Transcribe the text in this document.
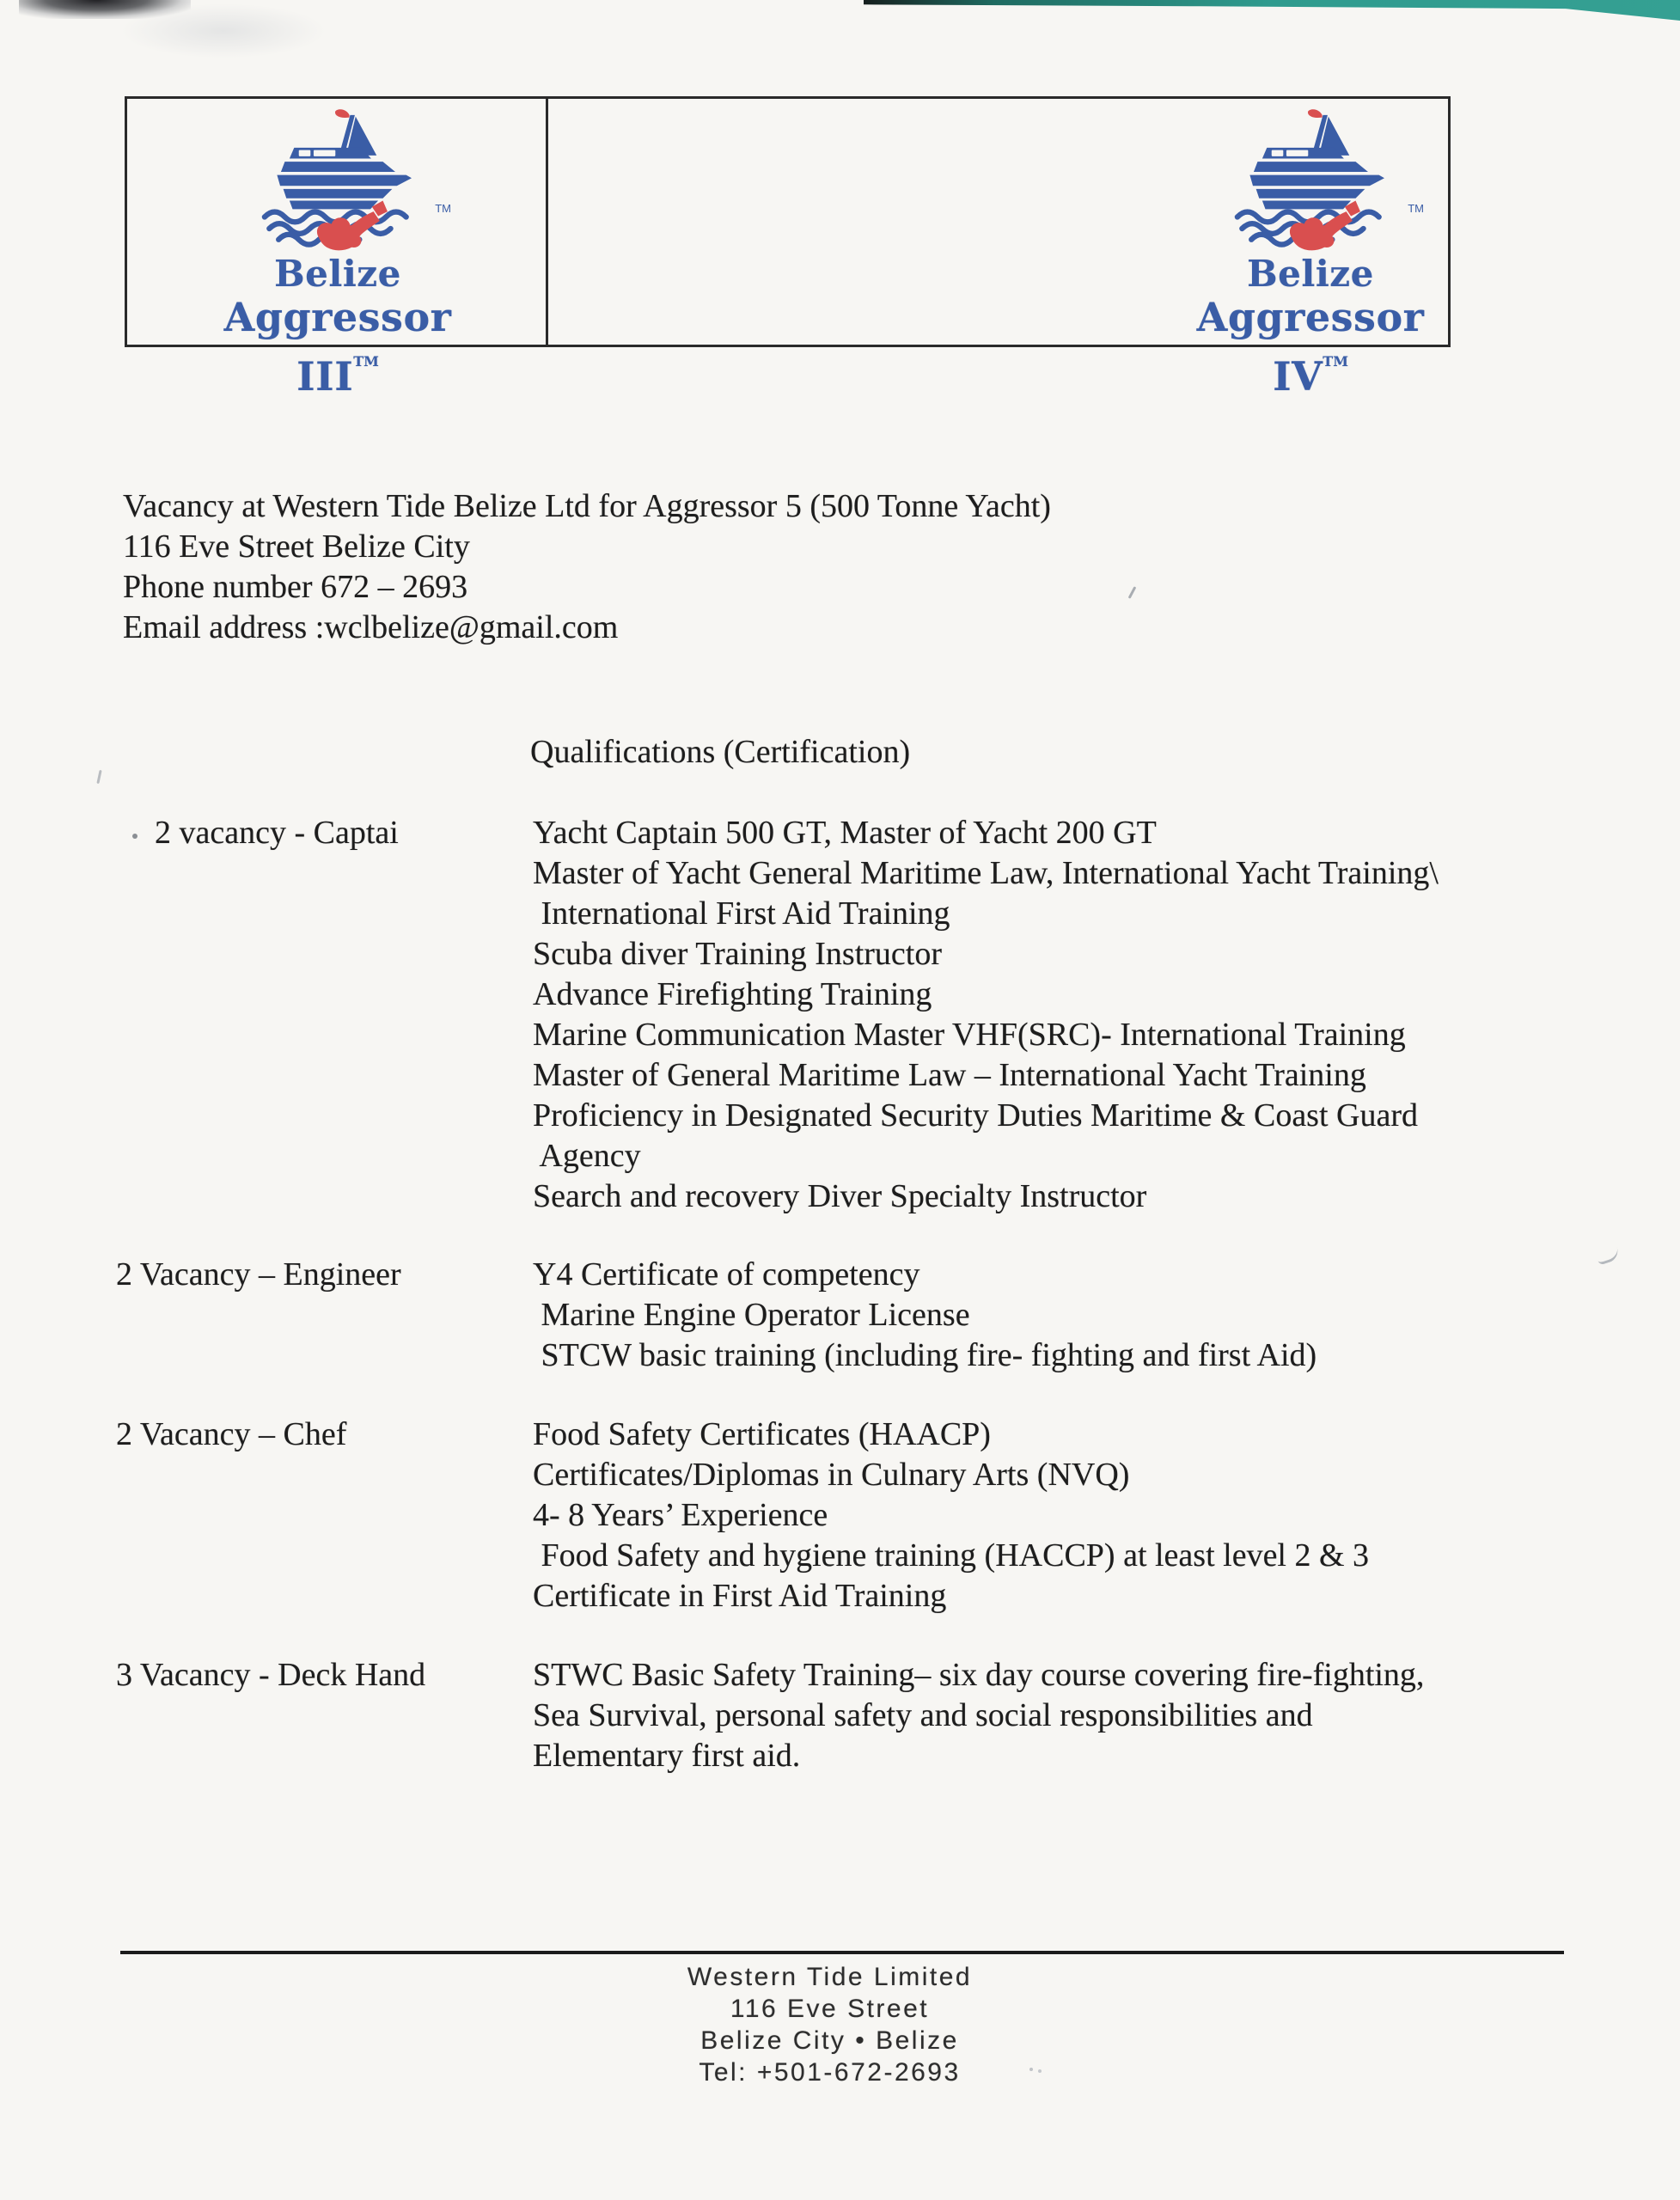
TM
Belize
Aggressor III™
TM
Belize
Aggressor IV™
Vacancy at Western Tide Belize Ltd for Aggressor 5 (500 Tonne Yacht)
116 Eve Street Belize City
Phone number 672 – 2693
Email address :wclbelize@gmail.com
Qualifications (Certification)
2 vacancy - Captai	Yacht Captain 500 GT, Master of Yacht 200 GT
Master of Yacht General Maritime Law, International Yacht Training\
International First Aid Training
Scuba diver Training Instructor
Advance Firefighting Training
Marine Communication Master VHF(SRC)- International Training
Master of General Maritime Law – International Yacht Training
Proficiency in Designated Security Duties Maritime & Coast Guard
Agency
Search and recovery Diver Specialty Instructor
2 Vacancy – Engineer	Y4 Certificate of competency
Marine Engine Operator License
STCW basic training (including fire- fighting and first Aid)
2 Vacancy – Chef	Food Safety Certificates (HAACP)
Certificates/Diplomas in Culnary Arts (NVQ)
4- 8 Years’ Experience
Food Safety and hygiene training (HACCP) at least level 2 & 3
Certificate in First Aid Training
3 Vacancy - Deck Hand	STWC Basic Safety Training– six day course covering fire-fighting,
Sea Survival, personal safety and social responsibilities and
Elementary first aid.
Western Tide Limited
116 Eve Street
Belize City • Belize
Tel: +501-672-2693
